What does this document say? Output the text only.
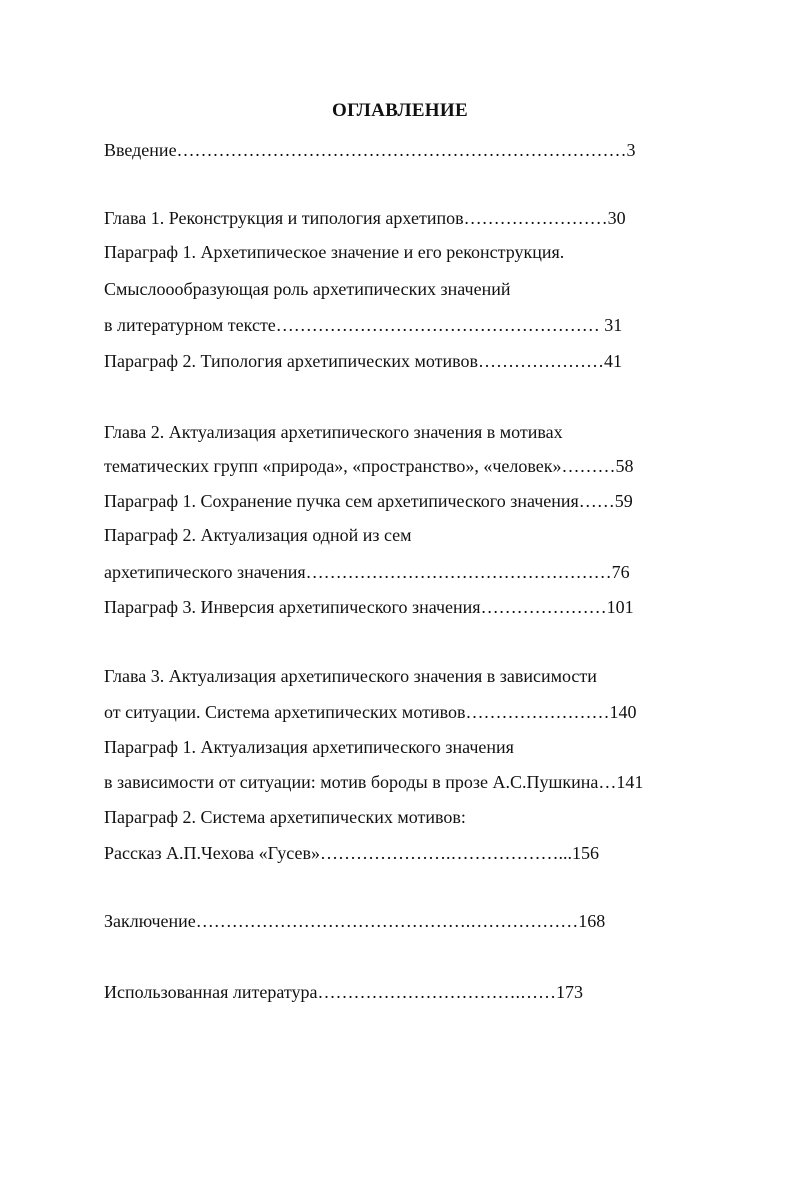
ОГЛАВЛЕНИЕ
Введение…………………………………………………………………3
Глава 1. Реконструкция и типология архетипов……………………30
Параграф 1. Архетипическое значение и его реконструкция.
Смыслоообразующая роль архетипических значений
в литературном тексте……………………………………………… 31
Параграф 2. Типология архетипических мотивов…………………41
Глава 2. Актуализация архетипического значения в мотивах
тематических групп «природа», «пространство», «человек»………58
Параграф 1. Сохранение пучка сем архетипического значения……59
Параграф 2. Актуализация одной из сем
архетипического значения……………………………………………76
Параграф 3. Инверсия архетипического значения…………………101
Глава 3. Актуализация архетипического значения в зависимости
от ситуации. Система архетипических мотивов……………………140
Параграф 1. Актуализация архетипического значения
в зависимости от ситуации: мотив бороды в прозе А.С.Пушкина…141
Параграф 2. Система архетипических мотивов:
Рассказ А.П.Чехова «Гусев»………………….………………...156
Заключение……………………………………….………………168
Использованная литература…………………………….……173
